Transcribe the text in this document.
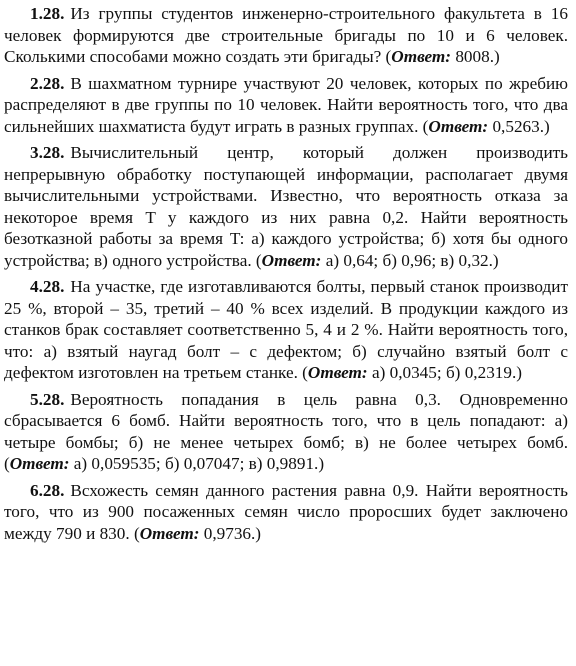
1.28. Из группы студентов инженерно-строительного факультета в 16 человек формируются две строительные бригады по 10 и 6 человек. Сколькими способами можно создать эти бригады? (Ответ: 8008.)

2.28. В шахматном турнире участвуют 20 человек, которых по жребию распределяют в две группы по 10 человек. Найти вероятность того, что два сильнейших шахматиста будут играть в разных группах. (Ответ: 0,5263.)

3.28. Вычислительный центр, который должен производить непрерывную обработку поступающей информации, располагает двумя вычислительными устройствами. Известно, что вероятность отказа за некоторое время T у каждого из них равна 0,2. Найти вероятность безотказной работы за время T: а) каждого устройства; б) хотя бы одного устройства; в) одного устройства. (Ответ: а) 0,64; б) 0,96; в) 0,32.)

4.28. На участке, где изготавливаются болты, первый станок производит 25 %, второй – 35, третий – 40 % всех изделий. В продукции каждого из станков брак составляет соответственно 5, 4 и 2 %. Найти вероятность того, что: а) взятый наугад болт – с дефектом; б) случайно взятый болт с дефектом изготовлен на третьем станке. (Ответ: а) 0,0345; б) 0,2319.)

5.28. Вероятность попадания в цель равна 0,3. Одновременно сбрасывается 6 бомб. Найти вероятность того, что в цель попадают: а) четыре бомбы; б) не менее четырех бомб; в) не более четырех бомб. (Ответ: а) 0,059535; б) 0,07047; в) 0,9891.)

6.28. Всхожесть семян данного растения равна 0,9. Найти вероятность того, что из 900 посаженных семян число проросших будет заключено между 790 и 830. (Ответ: 0,9736.)
